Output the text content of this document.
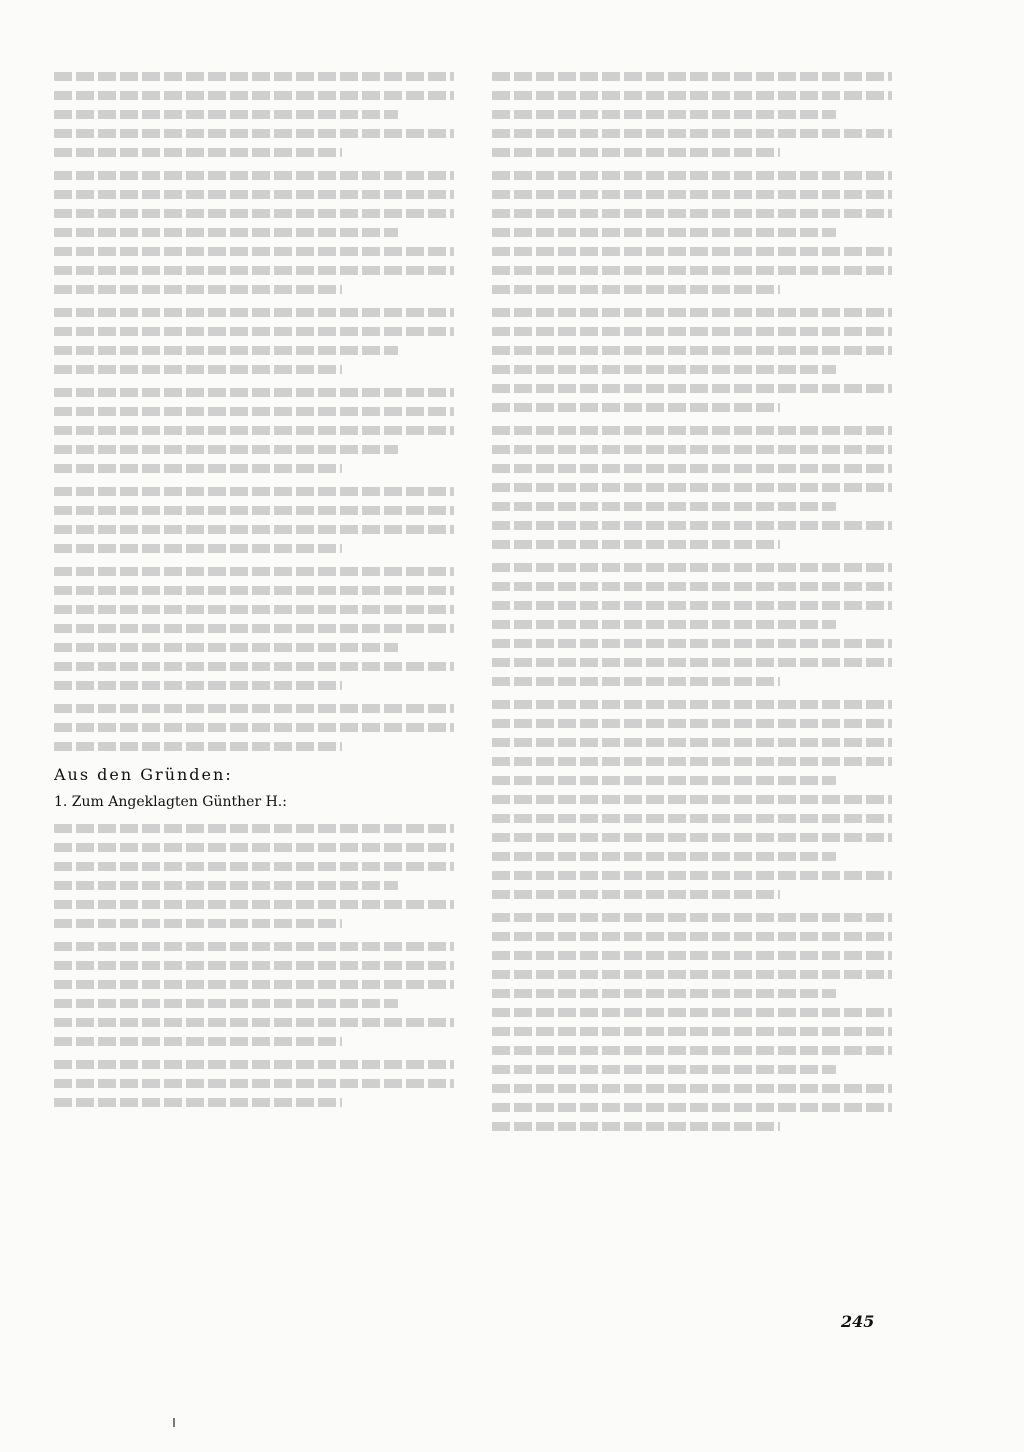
Aus den Gründen:
1. Zum Angeklagten Günther H.:
245
